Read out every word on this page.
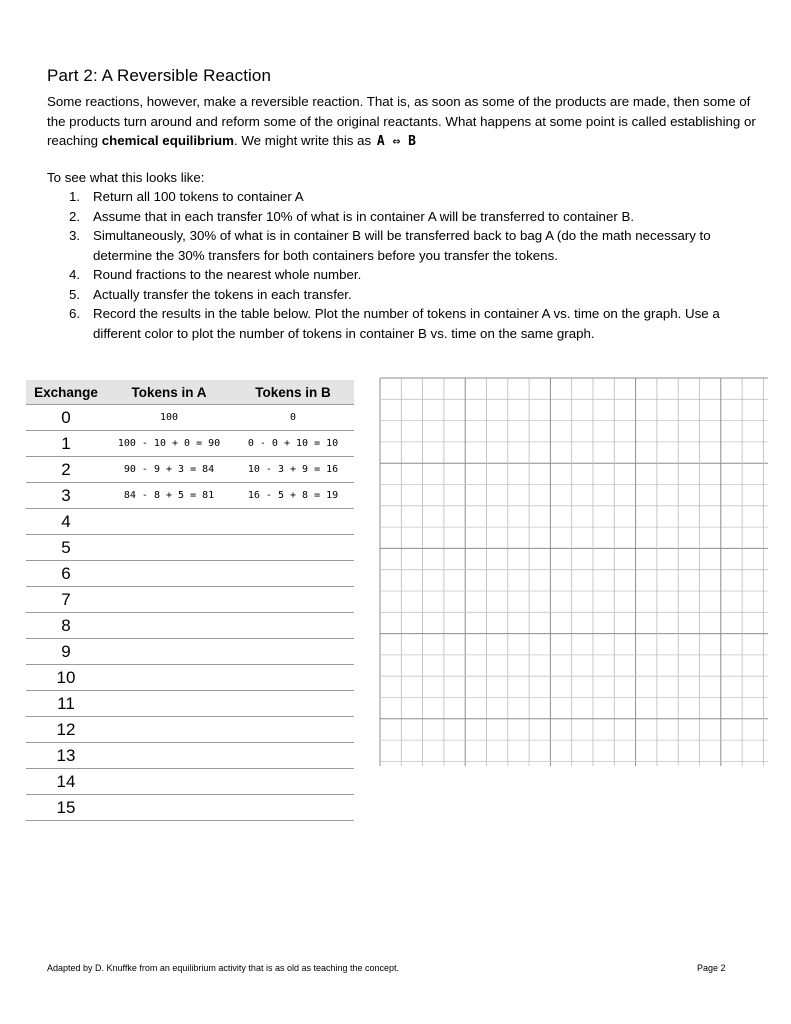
Part 2: A Reversible Reaction
Some reactions, however, make a reversible reaction. That is, as soon as some of the products are made, then some of the products turn around and reform some of the original reactants. What happens at some point is called establishing or reaching chemical equilibrium. We might write this as A ⇔ B
To see what this looks like:
1. Return all 100 tokens to container A
2. Assume that in each transfer 10% of what is in container A will be transferred to container B.
3. Simultaneously, 30% of what is in container B will be transferred back to bag A (do the math necessary to determine the 30% transfers for both containers before you transfer the tokens.
4. Round fractions to the nearest whole number.
5. Actually transfer the tokens in each transfer.
6. Record the results in the table below. Plot the number of tokens in container A vs. time on the graph. Use a different color to plot the number of tokens in container B vs. time on the same graph.
Exchange	Tokens in A	Tokens in B
0	100	0
1	100 - 10 + 0 = 90	0 - 0 + 10 = 10
2	90 - 9 + 3 = 84	10 - 3 + 9 = 16
3	84 - 8 + 5 = 81	16 - 5 + 8 = 19
4		
5		
6		
7		
8		
9		
10		
11		
12		
13		
14		
15		
Adapted by D. Knuffke from an equilibrium activity that is as old as teaching the concept.	Page 2
